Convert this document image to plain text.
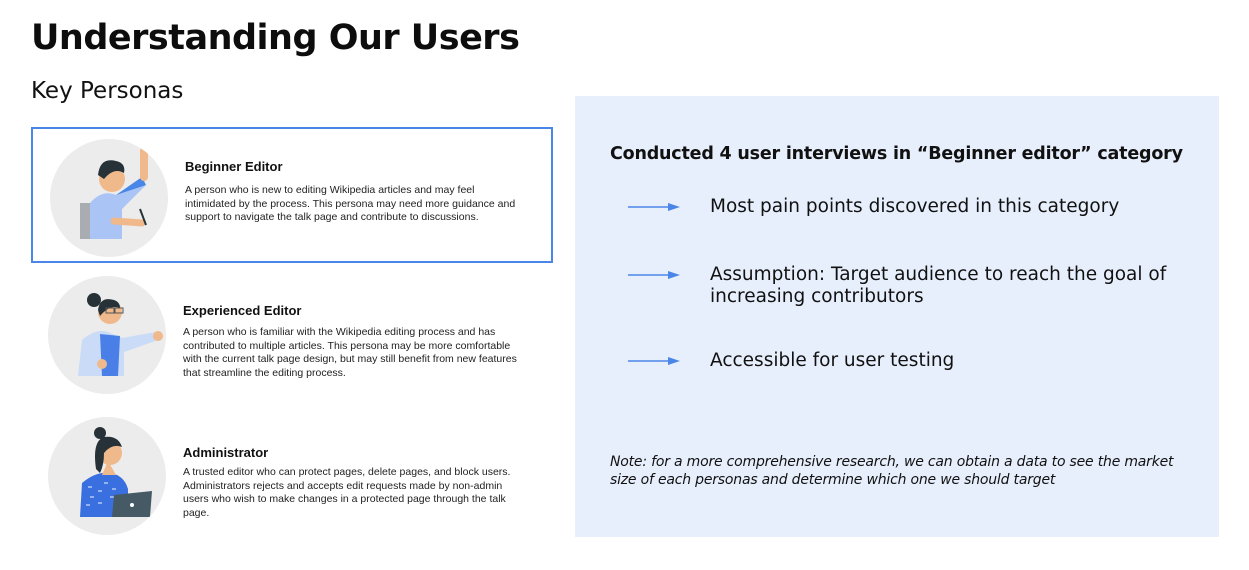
Understanding Our Users
Key Personas
Beginner Editor
A person who is new to editing Wikipedia articles and may feel intimidated by the process. This persona may need more guidance and support to navigate the talk page and contribute to discussions.
Experienced Editor
A person who is familiar with the Wikipedia editing process and has contributed to multiple articles. This persona may be more comfortable with the current talk page design, but may still benefit from new features that streamline the editing process.
Administrator
A trusted editor who can protect pages, delete pages, and block users. Administrators rejects and accepts edit requests made by non-admin users who wish to make changes in a protected page through the talk page.
Conducted 4 user interviews in “Beginner editor” category
Most pain points discovered in this category
Assumption: Target audience to reach the goal of increasing contributors
Accessible for user testing
Note: for a more comprehensive research, we can obtain a data to see the market size of each personas and determine which one we should target
